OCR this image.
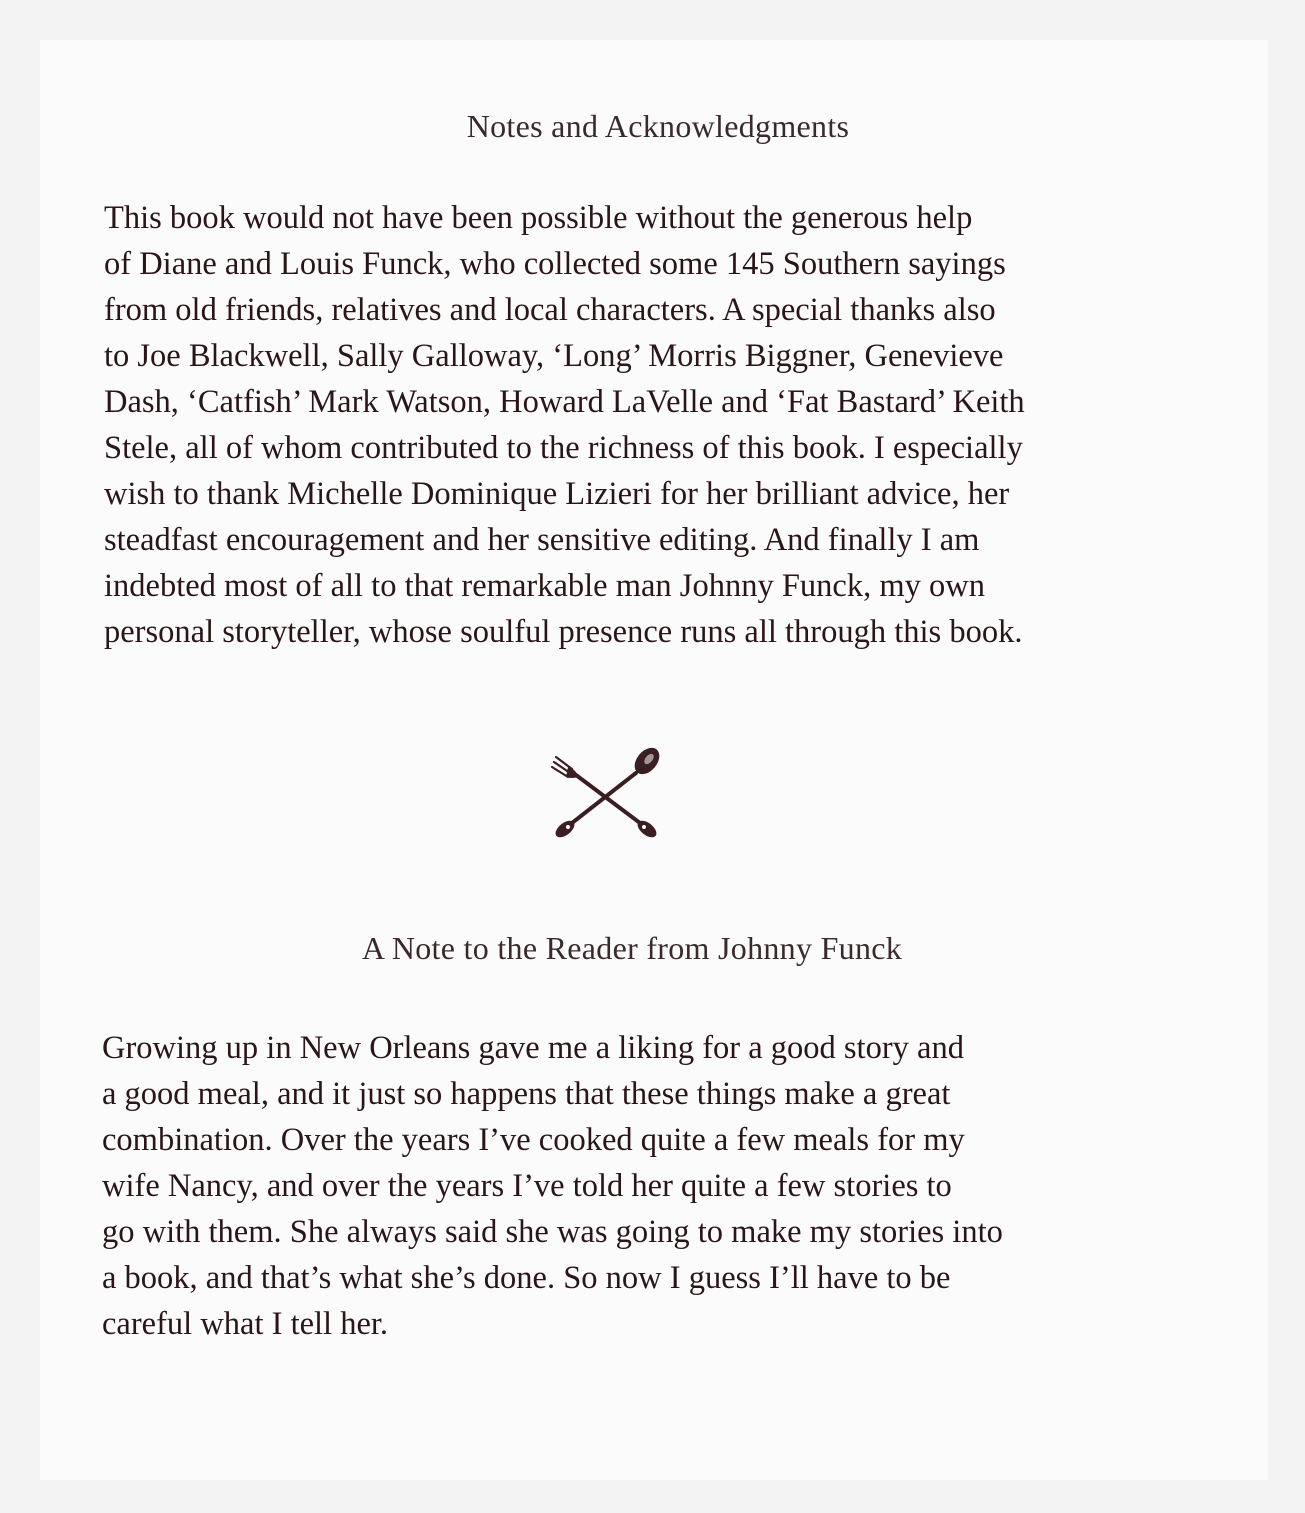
Notes and Acknowledgments

This book would not have been possible without the generous help
of Diane and Louis Funck, who collected some 145 Southern sayings
from old friends, relatives and local characters. A special thanks also
to Joe Blackwell, Sally Galloway, ‘Long’ Morris Biggner, Genevieve
Dash, ‘Catfish’ Mark Watson, Howard LaVelle and ‘Fat Bastard’ Keith
Stele, all of whom contributed to the richness of this book. I especially
wish to thank Michelle Dominique Lizieri for her brilliant advice, her
steadfast encouragement and her sensitive editing. And finally I am
indebted most of all to that remarkable man Johnny Funck, my own
personal storyteller, whose soulful presence runs all through this book.

A Note to the Reader from Johnny Funck

Growing up in New Orleans gave me a liking for a good story and
a good meal, and it just so happens that these things make a great
combination. Over the years I’ve cooked quite a few meals for my
wife Nancy, and over the years I’ve told her quite a few stories to
go with them. She always said she was going to make my stories into
a book, and that’s what she’s done. So now I guess I’ll have to be
careful what I tell her.
